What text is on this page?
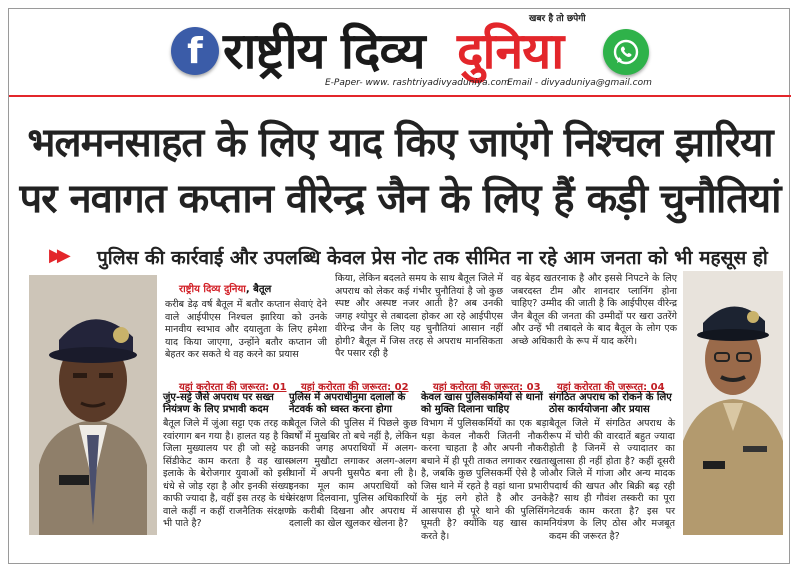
f राष्ट्रीय दिव्य दुनिया
खबर है तो छपेगी
E-Paper- www. rashtriyadivyaduniya.com
Email - divyaduniya@gmail.com
भलमनसाहत के लिए याद किए जाएंगे निश्चल झारिया
पर नवागत कप्तान वीरेन्द्र जैन के लिए हैं कड़ी चुनौतियां
▶▶ पुलिस की कार्रवाई और उपलब्धि केवल प्रेस नोट तक सीमित ना रहे आम जनता को भी महसूस हो
राष्ट्रीय दिव्य दुनिया, बैतूल
करीब डेढ़ वर्ष बैतूल में बतौर कप्तान सेवाएं देने वाले आईपीएस निश्चल झारिया को उनके मानवीय स्वभाव और दयालुता के लिए हमेशा याद किया जाएगा, उन्होंने बतौर कप्तान जी बेहतर कर सकते थे वह करने का प्रयास
किया, लेकिन बदलते समय के साथ बैतूल जिले में अपराध को लेकर कई गंभीर चुनौतियां है जो कुछ स्पष्ट और अस्पष्ट नजर आती है? अब उनकी जगह श्योपुर से तबादला होकर आ रहे आईपीएस वीरेन्द्र जैन के लिए यह चुनौतियां आसान नहीं होगी? बैतूल में जिस तरह से अपराध मानसिकता पैर पसार रही है
वह बेहद खतरनाक है और इससे निपटने के लिए जबरदस्त टीम और शानदार प्लानिंग होना चाहिए? उम्मीद की जाती है कि आईपीएस वीरेन्द्र जैन बैतूल की जनता की उम्मीदों पर खरा उतरेंगे और उन्हें भी तबादले के बाद बैतूल के लोग एक अच्छे अधिकारी के रूप में याद करेंगे।
यहां करोरता की जरूरत: 01
जुंए-सट्टे जैसे अपराध पर सख्त नियंत्रण के लिए प्रभावी कदम
बैतूल जिले में जुंआ सट्टा एक तरह का रवांरगाग बन गया है। हालत यह है कि जिला मुख्यालय पर ही जो सट्टे का सिंडीकेट काम करता है वह खास इलाके के बेरोजगार युवाओं को इसी धंधे से जोड़ रहा है और इनकी संख्या काफी ज्यादा है, वहीं इस तरह के धंधे वाले कहीं न कहीं राजनैतिक संरक्षण भी पाते है?
यहां करोरता की जरूरत: 02
पुलिस में अपराधीनुमा दलालों के नेटवर्क को ध्वस्त करना होगा
बैतूल जिले की पुलिस में पिछले कुछ वर्षों में मुखबिर तो बचे नहीं है, लेकिन उनकी जगह अपराधियों में अलग-अलग मुखौटा लगाकर अलग-अलग थानों में अपनी घुसपैठ बना ली है। इनका मूल काम अपराधियों को संरक्षण दिलवाना, पुलिस अधिकारियों के करीबी दिखना और अपराध में दलाली का खेल खुलकर खेलना है?
यहां करोरता की जरूरत: 03
केवल खास पुलिसकर्मियों से थानों को मुक्ति दिलाना चाहिए
विभाग में पुलिसकर्मियों का एक बड़ा धड़ा केवल नौकरी जितनी नौकरी करना चाहता है और अपनी नौकरी बचाने में ही पूरी ताकत लगाकर रखता है, जबकि कुछ पुलिसकर्मी ऐसे है जो जिस थाने में रहते है वहां थाना प्रभारी के मुंह लगे होते है और उनके आसपास ही पूरे थाने की पुलिसिंग घूमती है? क्योंकि यह खास काम करते है।
यहां करोरता की जरूरत: 04
संगठित अपराध को रोकने के लिए ठोस कार्ययोजना और प्रयास
बैतूल जिले में संगठित अपराध के रूप में चोरी की वारदातें बहुत ज्यादा होती है जिनमें से ज्यादातर का खुलासा ही नहीं होता है? कहीं दूसरी और जिले में गांजा और अन्य मादक पदार्थ की खपत और बिक्री बढ़ रही है? साथ ही गौवंश तस्करी का पूरा नेटवर्क काम करता है? इस पर नियंत्रण के लिए ठोस और मजबूत कदम की जरूरत है?
